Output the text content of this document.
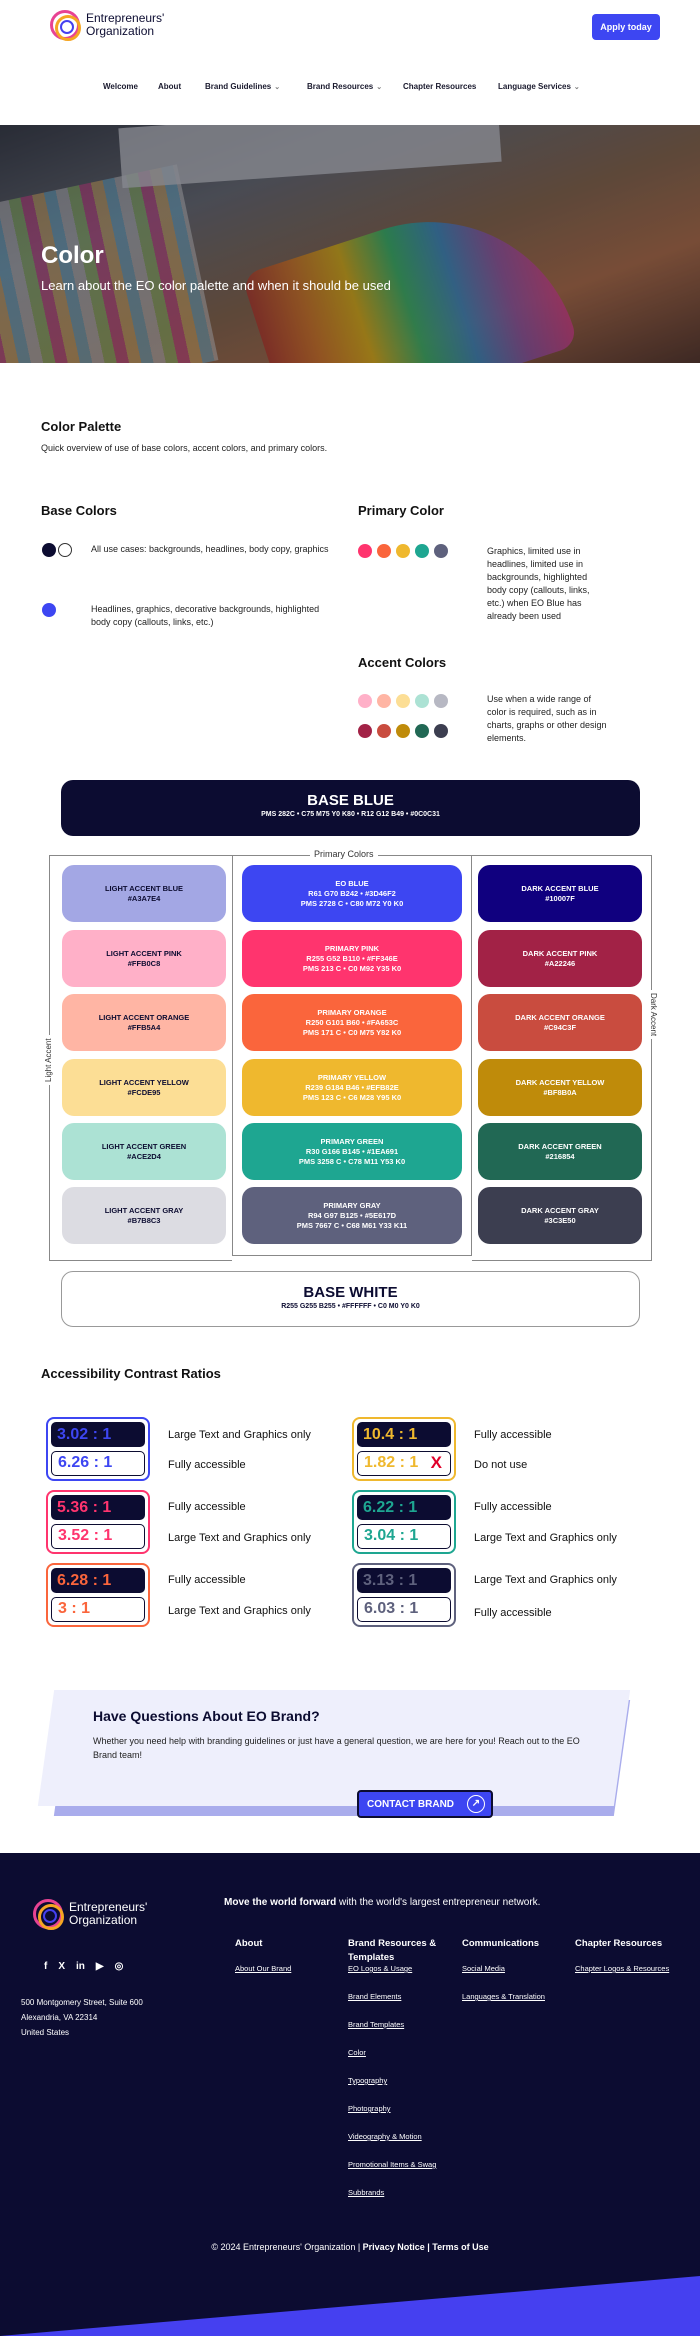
Entrepreneurs'
Organization	Apply today
Welcome	About	Brand Guidelines ⌄	Brand Resources ⌄	Chapter Resources	Language Services ⌄
Color
Learn about the EO color palette and when it should be used
Color Palette
Quick overview of use of base colors, accent colors, and primary colors.
Base Colors
All use cases: backgrounds, headlines, body copy, graphics
Headlines, graphics, decorative backgrounds, highlighted body copy (callouts, links, etc.)
Primary Color
Graphics, limited use in headlines, limited use in backgrounds, highlighted body copy (callouts, links, etc.) when EO Blue has already been used
Accent Colors
Use when a wide range of color is required, such as in charts, graphs or other design elements.
BASE BLUE
PMS 282C • C75 M75 Y0 K80 • R12 G12 B49 • #0C0C31
Primary Colors
Light Accent
Dark Accent
LIGHT ACCENT BLUE
#A3A7E4
LIGHT ACCENT PINK
#FFB0C8
LIGHT ACCENT ORANGE
#FFB5A4
LIGHT ACCENT YELLOW
#FCDE95
LIGHT ACCENT GREEN
#ACE2D4
LIGHT ACCENT GRAY
#B7B8C3
EO BLUE
R61 G70 B242 • #3D46F2
PMS 2728 C • C80 M72 Y0 K0
PRIMARY PINK
R255 G52 B110 • #FF346E
PMS 213 C • C0 M92 Y35 K0
PRIMARY ORANGE
R250 G101 B60 • #FA653C
PMS 171 C • C0 M75 Y82 K0
PRIMARY YELLOW
R239 G184 B46 • #EFB82E
PMS 123 C • C6 M28 Y95 K0
PRIMARY GREEN
R30 G166 B145 • #1EA691
PMS 3258 C • C78 M11 Y53 K0
PRIMARY GRAY
R94 G97 B125 • #5E617D
PMS 7667 C • C68 M61 Y33 K11
DARK ACCENT BLUE
#10007F
DARK ACCENT PINK
#A22246
DARK ACCENT ORANGE
#C94C3F
DARK ACCENT YELLOW
#BF8B0A
DARK ACCENT GREEN
#216854
DARK ACCENT GRAY
#3C3E50
BASE WHITE
R255 G255 B255 • #FFFFFF • C0 M0 Y0 K0
Accessibility Contrast Ratios
3.02 : 1
6.26 : 1
Large Text and Graphics only
Fully accessible
10.4 : 1
1.82 : 1 X
Fully accessible
Do not use
5.36 : 1
3.52 : 1
Fully accessible
Large Text and Graphics only
6.22 : 1
3.04 : 1
Fully accessible
Large Text and Graphics only
6.28 : 1
3 : 1
Fully accessible
Large Text and Graphics only
3.13 : 1
6.03 : 1
Large Text and Graphics only
Fully accessible
Have Questions About EO Brand?
Whether you need help with branding guidelines or just have a general question, we are here for you! Reach out to the EO Brand team!
CONTACT BRAND	↗
Entrepreneurs'
Organization
f X in ▶ ◎
500 Montgomery Street, Suite 600
Alexandria, VA 22314
United States
Move the world forward with the world's largest entrepreneur network.
About
About Our Brand
Brand Resources &
Templates
EO Logos & Usage
Brand Elements
Brand Templates
Color
Typography
Photography
Videography & Motion
Promotional Items & Swag
Subbrands
Communications
Social Media
Languages & Translation
Chapter Resources
Chapter Logos & Resources
© 2024 Entrepreneurs' Organization | Privacy Notice | Terms of Use
